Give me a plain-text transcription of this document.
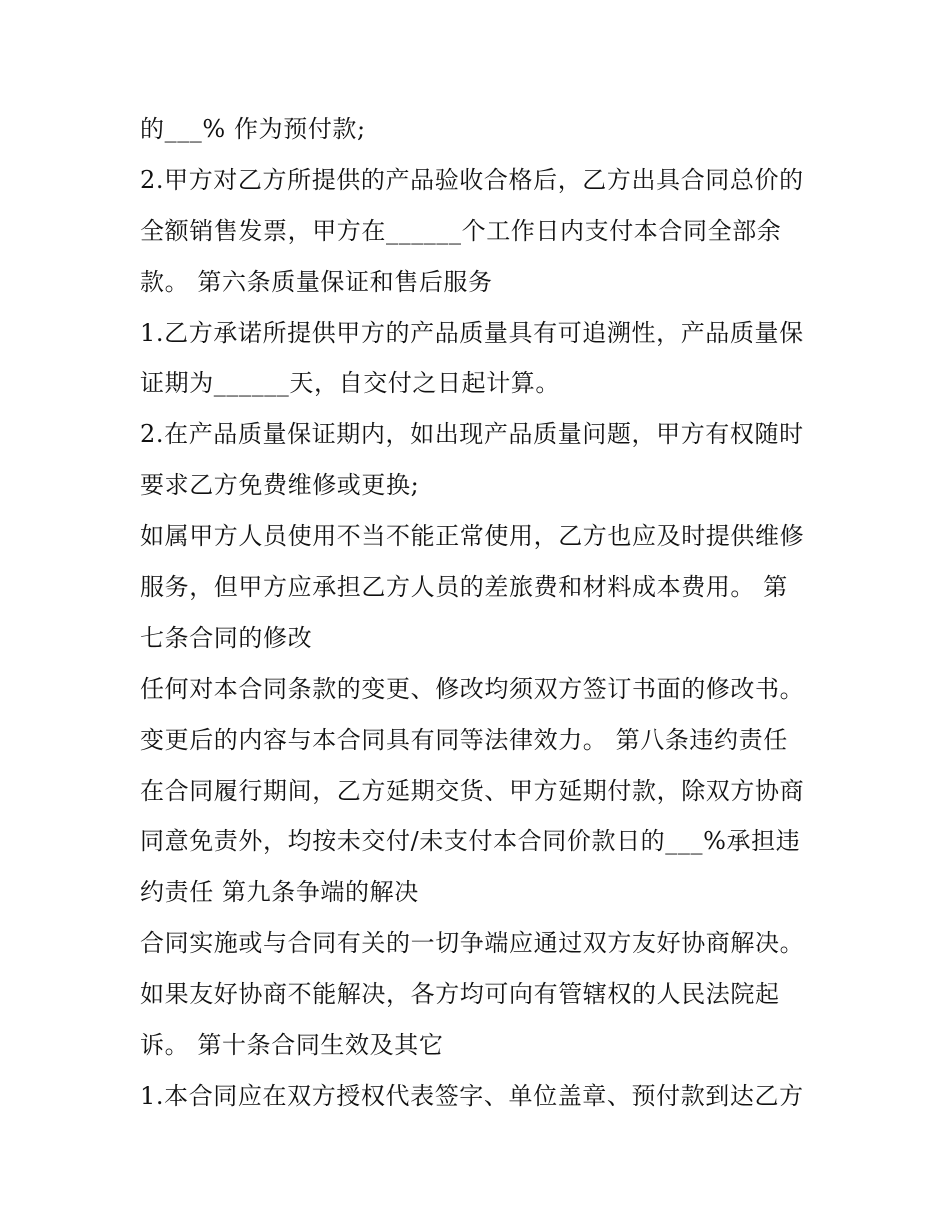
的___% 作为预付款;
2.甲方对乙方所提供的产品验收合格后，乙方出具合同总价的
全额销售发票，甲方在______个工作日内支付本合同全部余
款。 第六条质量保证和售后服务
1.乙方承诺所提供甲方的产品质量具有可追溯性，产品质量保
证期为______天，自交付之日起计算。
2.在产品质量保证期内，如出现产品质量问题，甲方有权随时
要求乙方免费维修或更换;
如属甲方人员使用不当不能正常使用，乙方也应及时提供维修
服务，但甲方应承担乙方人员的差旅费和材料成本费用。 第
七条合同的修改
任何对本合同条款的变更、修改均须双方签订书面的修改书。
变更后的内容与本合同具有同等法律效力。 第八条违约责任
在合同履行期间，乙方延期交货、甲方延期付款，除双方协商
同意免责外，均按未交付/未支付本合同价款日的___%承担违
约责任 第九条争端的解决
合同实施或与合同有关的一切争端应通过双方友好协商解决。
如果友好协商不能解决，各方均可向有管辖权的人民法院起
诉。 第十条合同生效及其它
1.本合同应在双方授权代表签字、单位盖章、预付款到达乙方
